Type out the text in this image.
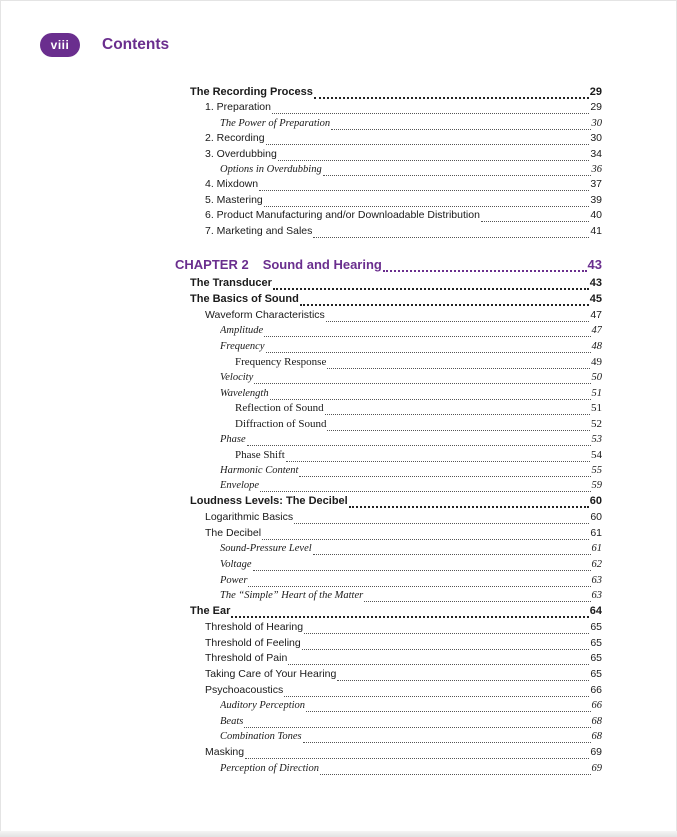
viii	Contents
The Recording Process	29
1. Preparation	29
The Power of Preparation	30
2. Recording	30
3. Overdubbing	34
Options in Overdubbing	36
4. Mixdown	37
5. Mastering	39
6. Product Manufacturing and/or Downloadable Distribution	40
7. Marketing and Sales	41
CHAPTER 2 Sound and Hearing	43
The Transducer	43
The Basics of Sound	45
Waveform Characteristics	47
Amplitude	47
Frequency	48
Frequency Response	49
Velocity	50
Wavelength	51
Reflection of Sound	51
Diffraction of Sound	52
Phase	53
Phase Shift	54
Harmonic Content	55
Envelope	59
Loudness Levels: The Decibel	60
Logarithmic Basics	60
The Decibel	61
Sound-Pressure Level	61
Voltage	62
Power	63
The “Simple” Heart of the Matter	63
The Ear	64
Threshold of Hearing	65
Threshold of Feeling	65
Threshold of Pain	65
Taking Care of Your Hearing	65
Psychoacoustics	66
Auditory Perception	66
Beats	68
Combination Tones	68
Masking	69
Perception of Direction	69
